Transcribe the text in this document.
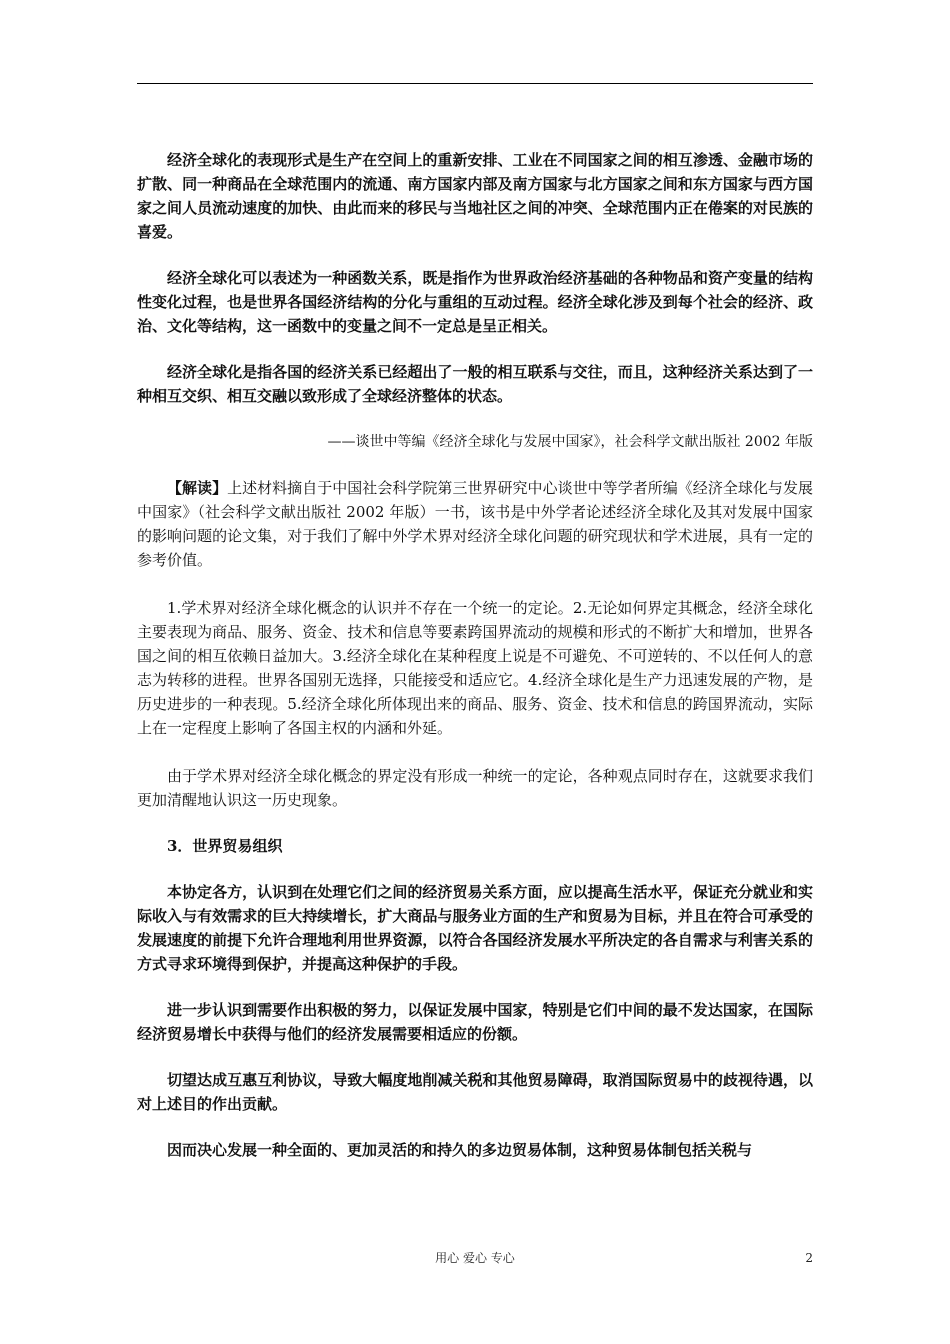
经济全球化的表现形式是生产在空间上的重新安排、工业在不同国家之间的相互渗透、金融市场的扩散、同一种商品在全球范围内的流通、南方国家内部及南方国家与北方国家之间和东方国家与西方国家之间人员流动速度的加快、由此而来的移民与当地社区之间的冲突、全球范围内正在倦案的对民族的喜爱。

经济全球化可以表述为一种函数关系，既是指作为世界政治经济基础的各种物品和资产变量的结构性变化过程，也是世界各国经济结构的分化与重组的互动过程。经济全球化涉及到每个社会的经济、政治、文化等结构，这一函数中的变量之间不一定总是呈正相关。

经济全球化是指各国的经济关系已经超出了一般的相互联系与交往，而且，这种经济关系达到了一种相互交织、相互交融以致形成了全球经济整体的状态。

——谈世中等编《经济全球化与发展中国家》，社会科学文献出版社 2002 年版

【解读】上述材料摘自于中国社会科学院第三世界研究中心谈世中等学者所编《经济全球化与发展中国家》（社会科学文献出版社 2002 年版）一书，该书是中外学者论述经济全球化及其对发展中国家的影响问题的论文集，对于我们了解中外学术界对经济全球化问题的研究现状和学术进展，具有一定的参考价值。

1.学术界对经济全球化概念的认识并不存在一个统一的定论。2.无论如何界定其概念，经济全球化主要表现为商品、服务、资金、技术和信息等要素跨国界流动的规模和形式的不断扩大和增加，世界各国之间的相互依赖日益加大。3.经济全球化在某种程度上说是不可避免、不可逆转的、不以任何人的意志为转移的进程。世界各国别无选择，只能接受和适应它。4.经济全球化是生产力迅速发展的产物，是历史进步的一种表现。5.经济全球化所体现出来的商品、服务、资金、技术和信息的跨国界流动，实际上在一定程度上影响了各国主权的内涵和外延。

由于学术界对经济全球化概念的界定没有形成一种统一的定论，各种观点同时存在，这就要求我们更加清醒地认识这一历史现象。

3．世界贸易组织

本协定各方，认识到在处理它们之间的经济贸易关系方面，应以提高生活水平，保证充分就业和实际收入与有效需求的巨大持续增长，扩大商品与服务业方面的生产和贸易为目标，并且在符合可承受的发展速度的前提下允许合理地利用世界资源，以符合各国经济发展水平所决定的各自需求与利害关系的方式寻求环境得到保护，并提高这种保护的手段。

进一步认识到需要作出积极的努力，以保证发展中国家，特别是它们中间的最不发达国家，在国际经济贸易增长中获得与他们的经济发展需要相适应的份额。

切望达成互惠互利协议，导致大幅度地削减关税和其他贸易障碍，取消国际贸易中的歧视待遇，以对上述目的作出贡献。

因而决心发展一种全面的、更加灵活的和持久的多边贸易体制，这种贸易体制包括关税与

用心 爱心 专心	2
